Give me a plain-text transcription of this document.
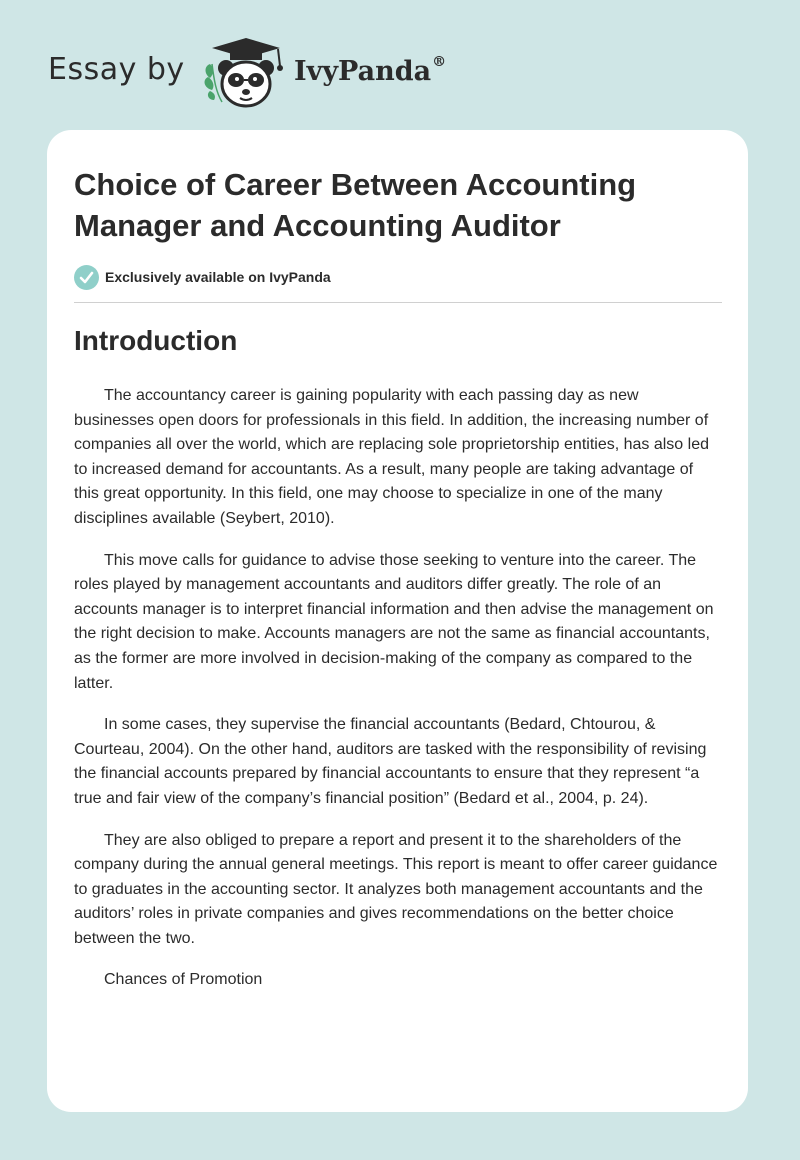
Essay by	IvyPanda®
Choice of Career Between Accounting Manager and Accounting Auditor
Exclusively available on IvyPanda
Introduction

The accountancy career is gaining popularity with each passing day as new businesses open doors for professionals in this field. In addition, the increasing number of companies all over the world, which are replacing sole proprietorship entities, has also led to increased demand for accountants. As a result, many people are taking advantage of this great opportunity. In this field, one may choose to specialize in one of the many disciplines available (Seybert, 2010).

This move calls for guidance to advise those seeking to venture into the career. The roles played by management accountants and auditors differ greatly. The role of an accounts manager is to interpret financial information and then advise the management on the right decision to make. Accounts managers are not the same as financial accountants, as the former are more involved in decision-making of the company as compared to the latter.

In some cases, they supervise the financial accountants (Bedard, Chtourou, & Courteau, 2004). On the other hand, auditors are tasked with the responsibility of revising the financial accounts prepared by financial accountants to ensure that they represent “a true and fair view of the company’s financial position” (Bedard et al., 2004, p. 24).

They are also obliged to prepare a report and present it to the shareholders of the company during the annual general meetings. This report is meant to offer career guidance to graduates in the accounting sector. It analyzes both management accountants and the auditors’ roles in private companies and gives recommendations on the better choice between the two.

Chances of Promotion
